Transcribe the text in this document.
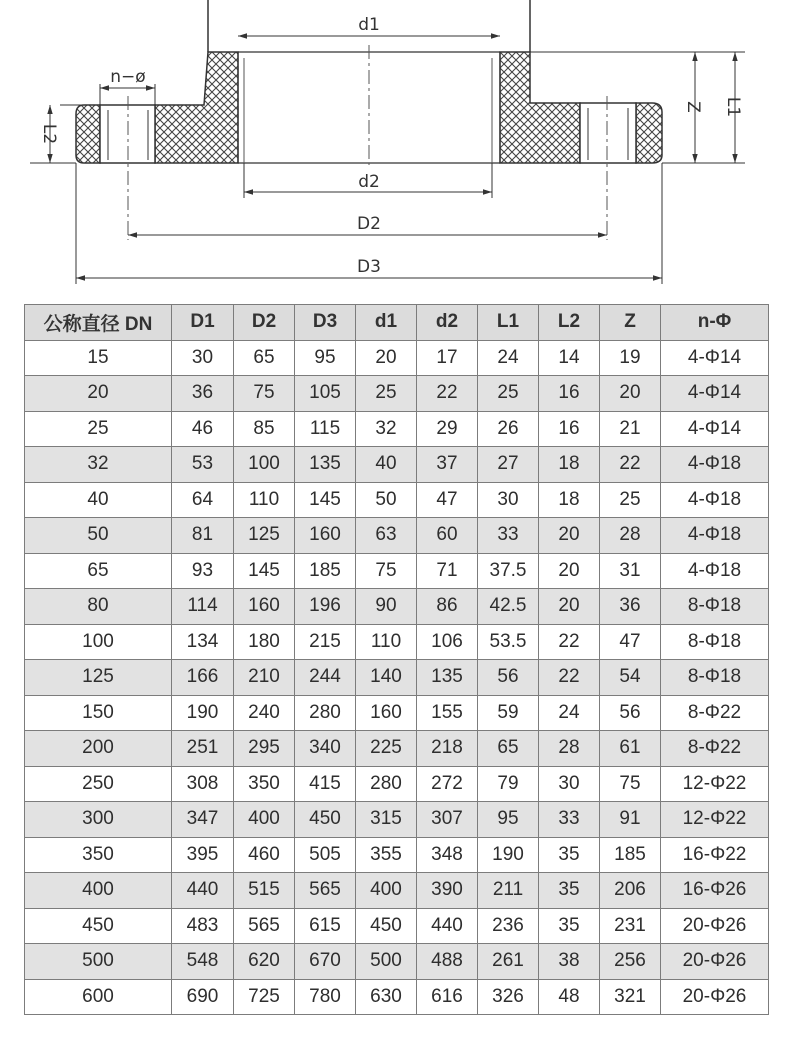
d1
d2
D2
D3
n−ø
L2
Z L1
公称直径 DN	D1	D2	D3	d1	d2	L1	L2	Z	n-Φ
15	30	65	95	20	17	24	14	19	4-Φ14
20	36	75	105	25	22	25	16	20	4-Φ14
25	46	85	115	32	29	26	16	21	4-Φ14
32	53	100	135	40	37	27	18	22	4-Φ18
40	64	110	145	50	47	30	18	25	4-Φ18
50	81	125	160	63	60	33	20	28	4-Φ18
65	93	145	185	75	71	37.5	20	31	4-Φ18
80	114	160	196	90	86	42.5	20	36	8-Φ18
100	134	180	215	110	106	53.5	22	47	8-Φ18
125	166	210	244	140	135	56	22	54	8-Φ18
150	190	240	280	160	155	59	24	56	8-Φ22
200	251	295	340	225	218	65	28	61	8-Φ22
250	308	350	415	280	272	79	30	75	12-Φ22
300	347	400	450	315	307	95	33	91	12-Φ22
350	395	460	505	355	348	190	35	185	16-Φ22
400	440	515	565	400	390	211	35	206	16-Φ26
450	483	565	615	450	440	236	35	231	20-Φ26
500	548	620	670	500	488	261	38	256	20-Φ26
600	690	725	780	630	616	326	48	321	20-Φ26
